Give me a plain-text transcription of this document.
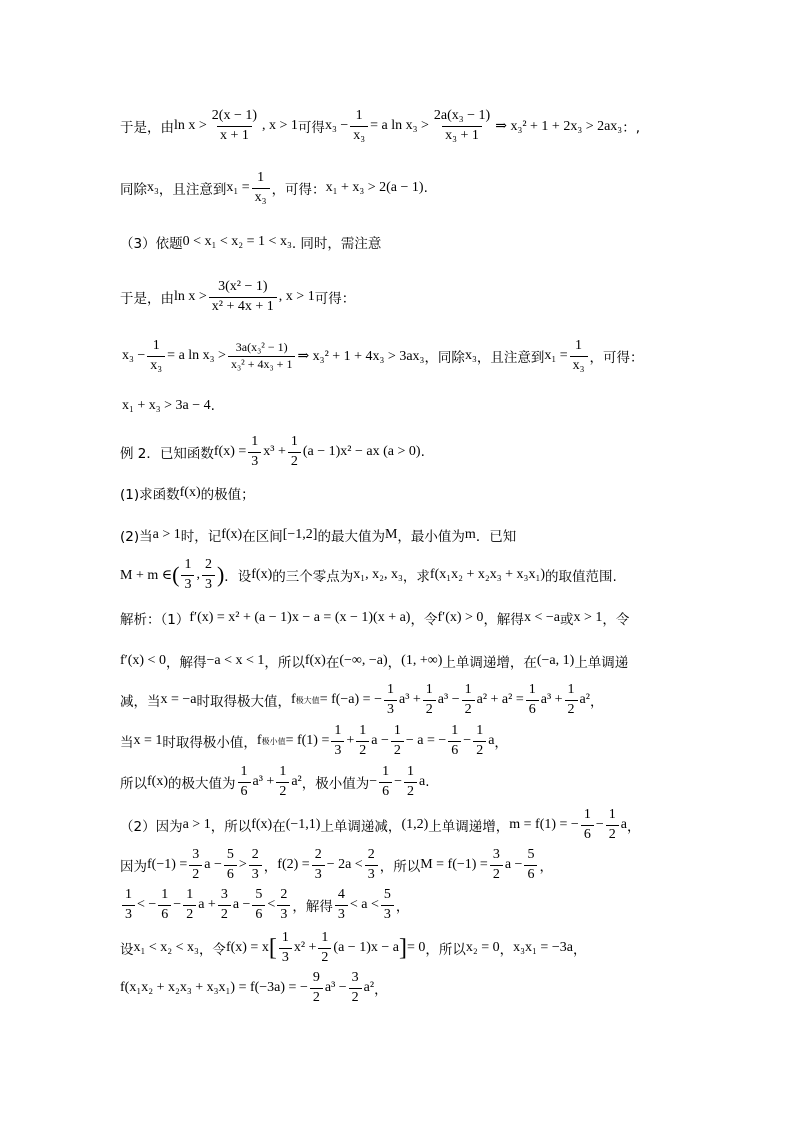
于是，由 $\ln x > \frac{2(x - 1)}{x + 1}$ , x > 1 可得 $x_3 - \frac{1}{\text{x₃}} = a$ $\ln x_3 > \frac{\text{2a(x₃ − 1)}}{\text{x₃ + 1}}$ ⇒ x₃² + 1 + 2x₃ > 2ax₃ ：,
同除 x₃ ，且注意到 $x_1 = \frac{1}{\text{x₃}}$ ，可得： x₁ + x₃ > 2(a − 1) .
（3）依题 0 < x₁ < x₂ = 1 < x₃ . 同时，需注意
于是，由 $\ln x > \frac{\text{3(x² − 1)}}{\text{x² + 4x + 1}}$ , x > 1 可得：
$x_3 - \frac{1}{\text{x₃}} = a$ $\ln x_3 > \frac{\text{3a(x₃² − 1)}}{\text{x₃² + 4x₃ + 1}}$ ⇒ x₃² + 1 + 4x₃ > 3ax₃ ，同除 x₃ ，且注意到 $x_1 = \frac{1}{\text{x₃}}$ ，可得：
x₁ + x₃ > 3a − 4 .
例 2．已知函数 $f(x) = \frac{1}{3} x^3 + \frac{1}{2} (a - 1)x^2$ − ax (a > 0) .
(1)求函数 f(x) 的极值；
(2)当 a > 1 时，记 f(x) 在区间 [−1,2] 的最大值为 M ，最小值为 m ．已知
M + m ∈ ( $\frac{1}{3}$ , $\frac{2}{3}$ ) ．设 f(x) 的三个零点为 x₁, x₂, x₃ ，求 f(x₁x₂ + x₂x₃ + x₃x₁) 的取值范围.
解析：（1） f′(x) = x² + (a − 1)x − a = (x − 1)(x + a) ，令 f′(x) > 0 ，解得 x < −a 或 x > 1 ，令
f′(x) < 0 ，解得 −a < x < 1 ，所以 f(x) 在 (−∞, −a) ， (1, +∞) 上单调递增，在 (−a, 1) 上单调递
减，当 x = −a 时取得极大值， f 极大值 = f(−a) = − $\frac{1}{3} a^3 + \frac{1}{2} a^3 - \frac{1}{2} a^2 + a^2 = \frac{1}{6} a^3 + \frac{1}{2} a^2$ ，
当 x = 1 时取得极小值， f 极小值 = $f(1) = \frac{1}{3} + \frac{1}{2}$ $a - \frac{1}{2} - a$ = − $\frac{1}{6} - \frac{1}{2}$ a ，
所以 f(x) 的极大值为 $\frac{1}{6} a^3 + \frac{1}{2} a^2$ ，极小值为 − $\frac{1}{6} - \frac{1}{2}$ a .
（2）因为 a > 1 ，所以 f(x) 在 (−1,1) 上单调递减， (1,2) 上单调递增， m = f(1) = − $\frac{1}{6} - \frac{1}{2}$ a ，
因为 $f(-1) = \frac{3}{2}$ $a - \frac{5}{6} > \frac{2}{3}$ ， $f(2) = \frac{2}{3} - 2a < \frac{2}{3}$ ，所以 $M = f(-1) = \frac{3}{2}$ $a - \frac{5}{6}$ ，
$\frac{1}{3}$ < − $\frac{1}{6} - \frac{1}{2}$ $a + \frac{3}{2}$ $a - \frac{5}{6} < \frac{2}{3}$ ，解得 $\frac{4}{3} < a < \frac{5}{3}$ ，
设 x₁ < x₂ < x₃ ，令 f(x) = x [ $\frac{1}{3} x^2 + \frac{1}{2} (a - 1)x - a$ ] = 0 ，所以 x₂ = 0 ， x₃x₁ = −3a ，
f(x₁x₂ + x₂x₃ + x₃x₁) = f(−3a) = − $\frac{9}{2} a^3 - \frac{3}{2} a^2$ ，
